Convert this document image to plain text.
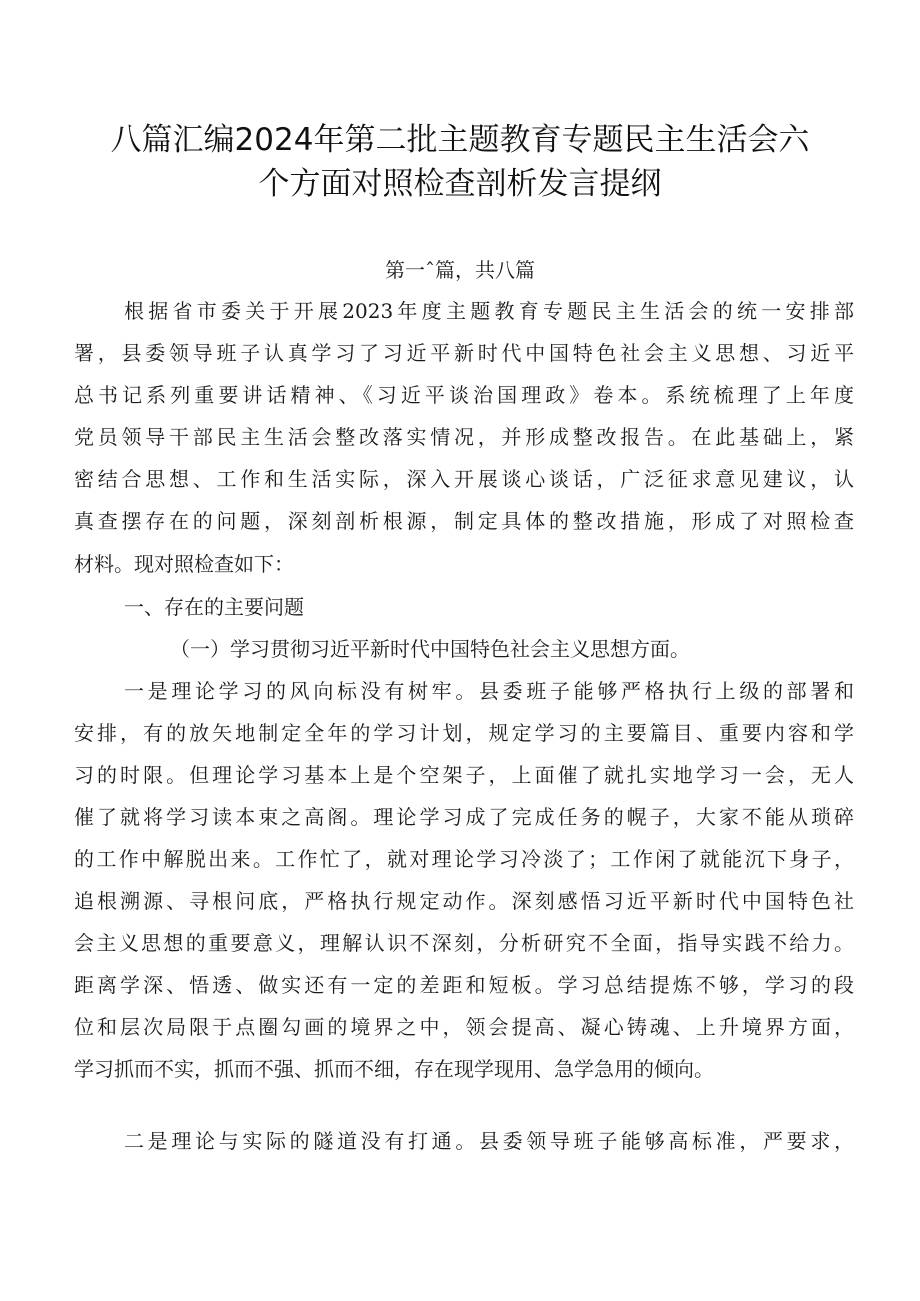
八篇汇编2024年第二批主题教育专题民主生活会六
个方面对照检查剖析发言提纲
第一ˆ篇，共八篇
根据省市委关于开展2023年度主题教育专题民主生活会的统一安排部
署，县委领导班子认真学习了习近平新时代中国特色社会主义思想、习近平
总书记系列重要讲话精神、《习近平谈治国理政》卷本。系统梳理了上年度
党员领导干部民主生活会整改落实情况，并形成整改报告。在此基础上，紧
密结合思想、工作和生活实际，深入开展谈心谈话，广泛征求意见建议，认
真查摆存在的问题，深刻剖析根源，制定具体的整改措施，形成了对照检查
材料。现对照检查如下：
一、存在的主要问题
（一）学习贯彻习近平新时代中国特色社会主义思想方面。
一是理论学习的风向标没有树牢。县委班子能够严格执行上级的部署和
安排，有的放矢地制定全年的学习计划，规定学习的主要篇目、重要内容和学
习的时限。但理论学习基本上是个空架子，上面催了就扎实地学习一会，无人
催了就将学习读本束之高阁。理论学习成了完成任务的幌子，大家不能从琐碎
的工作中解脱出来。工作忙了，就对理论学习冷淡了；工作闲了就能沉下身子，
追根溯源、寻根问底，严格执行规定动作。深刻感悟习近平新时代中国特色社
会主义思想的重要意义，理解认识不深刻，分析研究不全面，指导实践不给力。
距离学深、悟透、做实还有一定的差距和短板。学习总结提炼不够，学习的段
位和层次局限于点圈勾画的境界之中，领会提高、凝心铸魂、上升境界方面，
学习抓而不实，抓而不强、抓而不细，存在现学现用、急学急用的倾向。
二是理论与实际的隧道没有打通。县委领导班子能够高标准，严要求，
